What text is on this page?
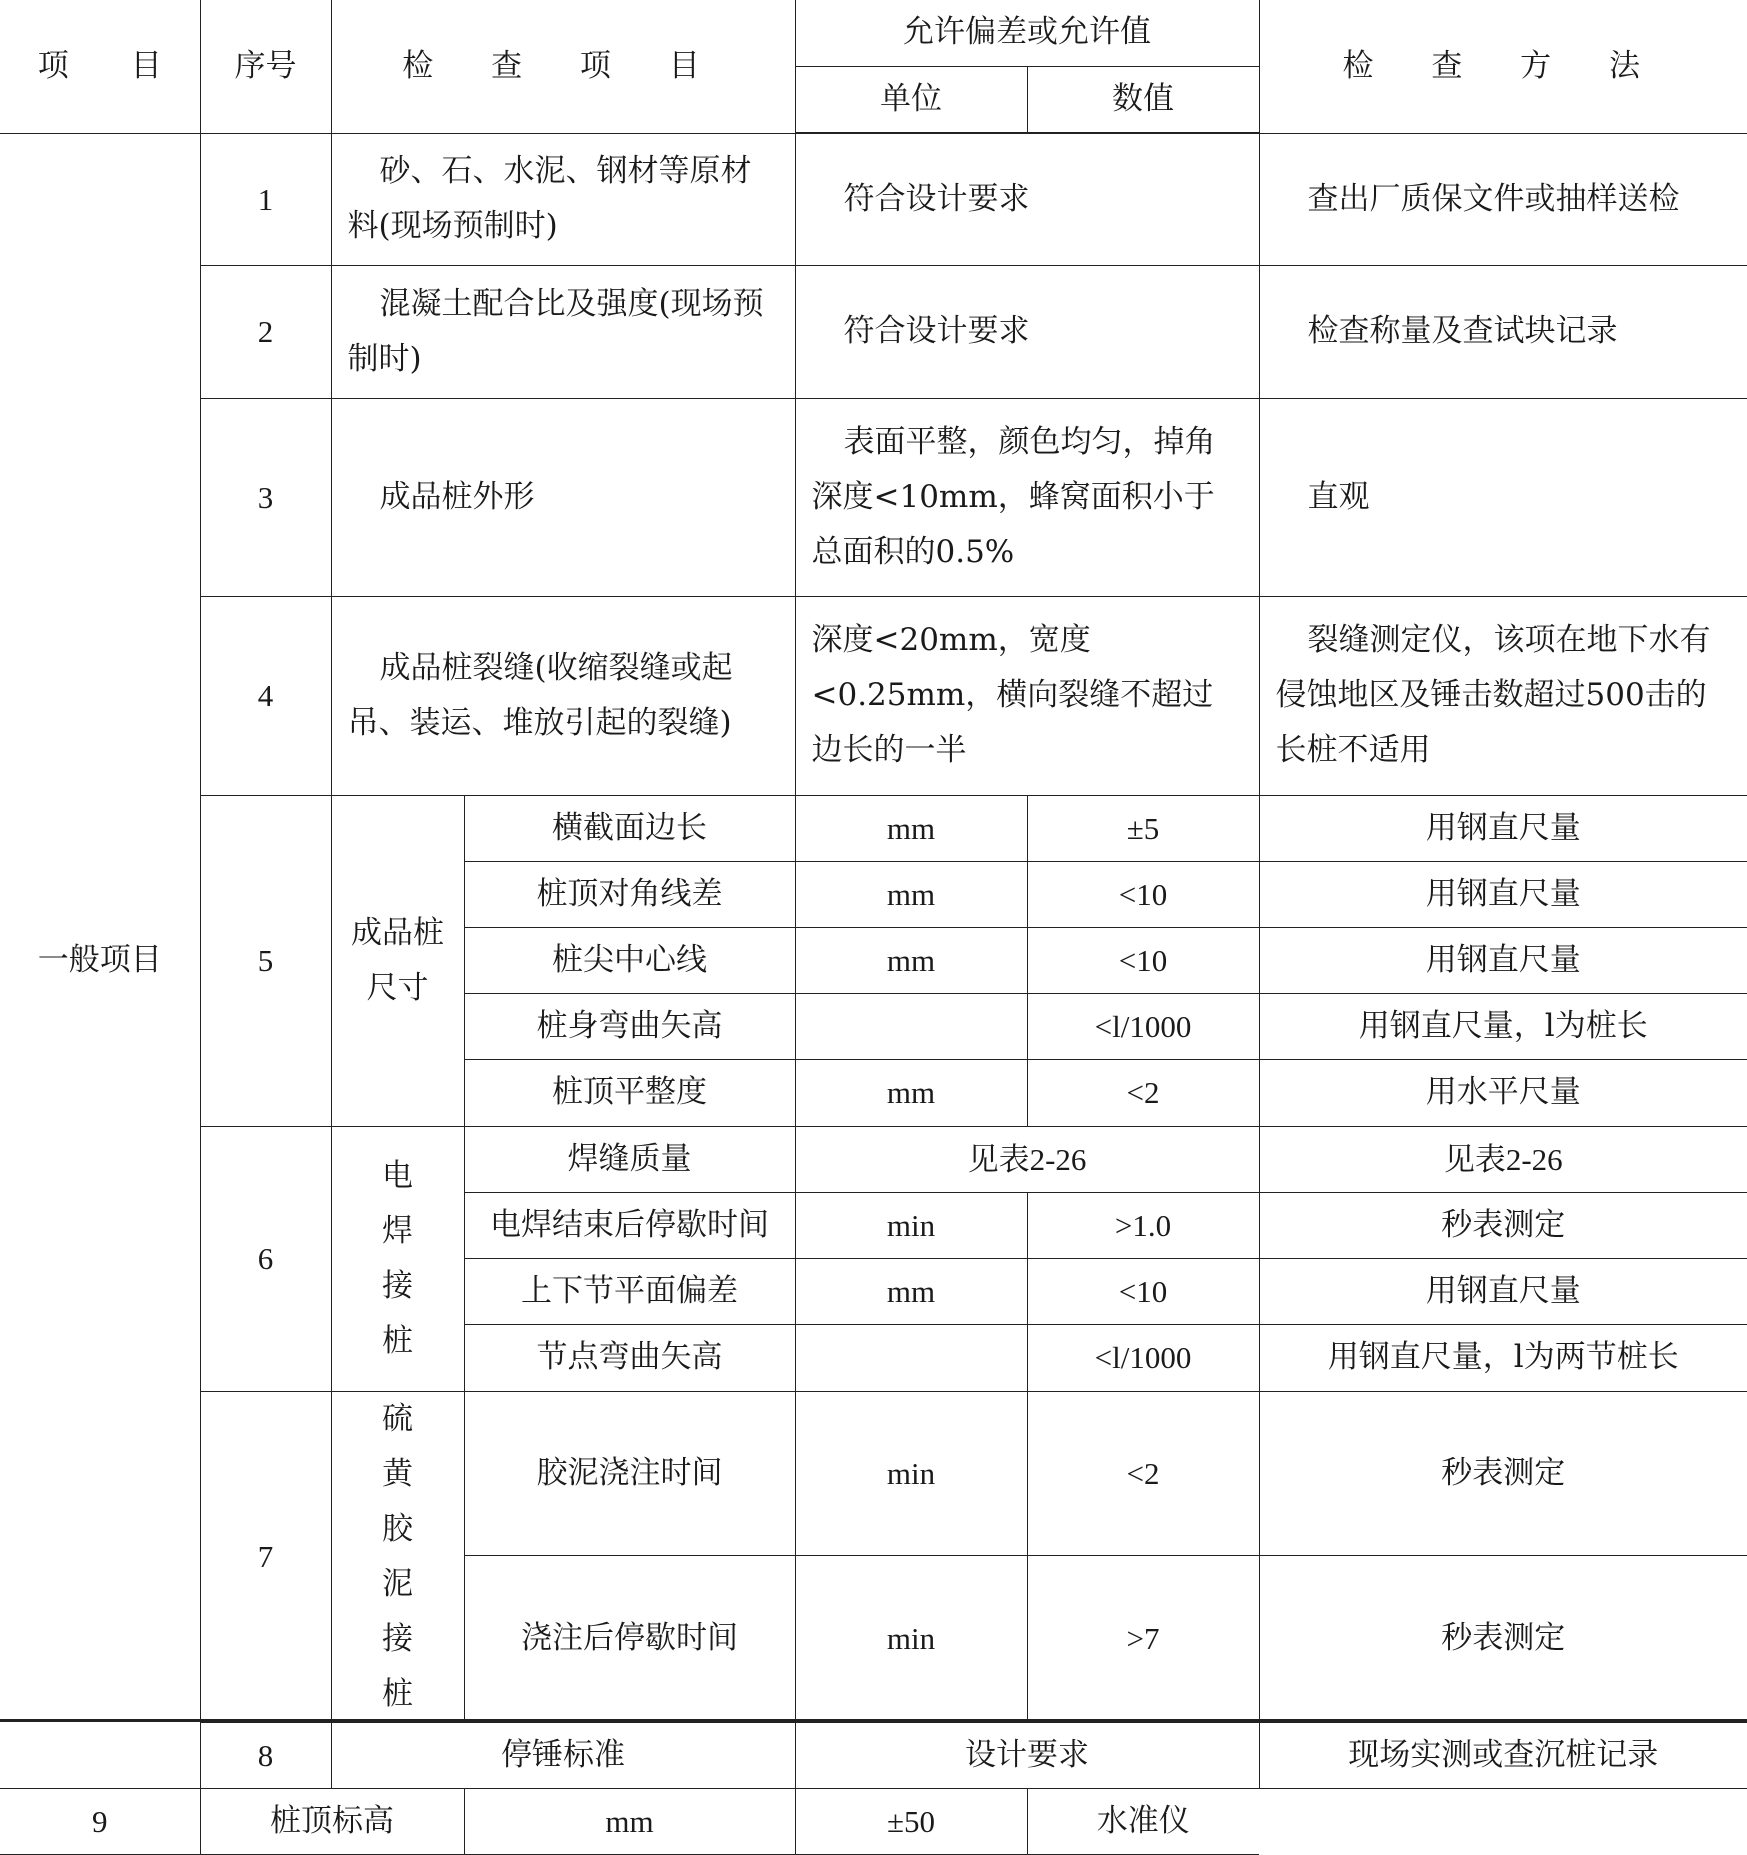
项　　目	序号	检 查 项 目		允许偏差或允许值		检 查 方 法
				单位	数值	
一般项目	1	砂、石、水泥、钢材等原材料(现场预制时)		符合设计要求		查出厂质保文件或抽样送检
	2	混凝土配合比及强度(现场预制时)		符合设计要求		检查称量及查试块记录
	3	成品桩外形		表面平整，颜色均匀，掉角深度<10mm，蜂窝面积小于总面积的0.5%		直观
	4	成品桩裂缝(收缩裂缝或起吊、装运、堆放引起的裂缝)		深度<20mm，宽度<0.25mm，横向裂缝不超过边长的一半		裂缝测定仪，该项在地下水有侵蚀地区及锤击数超过500击的长桩不适用
	5	成品桩尺寸	横截面边长	mm	±5	用钢直尺量
			桩顶对角线差	mm	<10	用钢直尺量
			桩尖中心线	mm	<10	用钢直尺量
			桩身弯曲矢高		<l/1000	用钢直尺量，l为桩长
			桩顶平整度	mm	<2	用水平尺量
	6	电焊接桩	焊缝质量	见表2-26		见表2-26
			电焊结束后停歇时间	min	>1.0	秒表测定
			上下节平面偏差	mm	<10	用钢直尺量
			节点弯曲矢高		<l/1000	用钢直尺量，l为两节桩长
	7	硫黄胶泥接桩	胶泥浇注时间	min	<2	秒表测定
			浇注后停歇时间	min	>7	秒表测定
	8	停锤标准		设计要求		现场实测或查沉桩记录
9	桩顶标高		mm	±50	水准仪	
